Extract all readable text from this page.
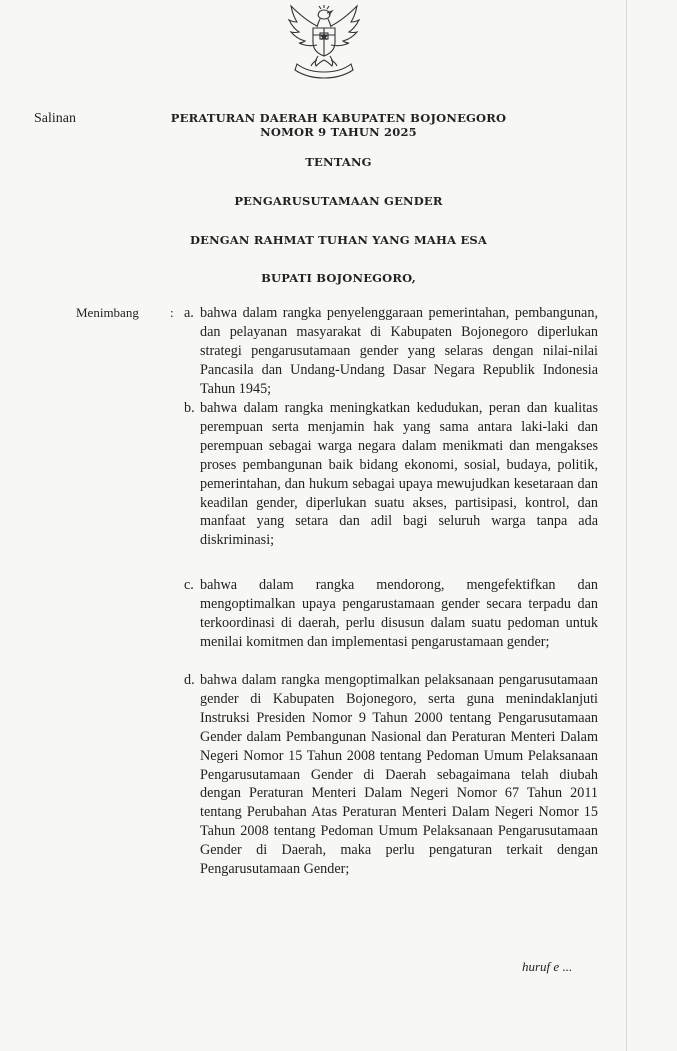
Salinan	PERATURAN DAERAH KABUPATEN BOJONEGORO
NOMOR 9 TAHUN 2025
TENTANG
PENGARUSUTAMAAN GENDER
DENGAN RAHMAT TUHAN YANG MAHA ESA
BUPATI BOJONEGORO,
Menimbang : a. bahwa dalam rangka penyelenggaraan pemerintahan, pembangunan, dan pelayanan masyarakat di Kabupaten Bojonegoro diperlukan strategi pengarusutamaan gender yang selaras dengan nilai-nilai Pancasila dan Undang-Undang Dasar Negara Republik Indonesia Tahun 1945;
b. bahwa dalam rangka meningkatkan kedudukan, peran dan kualitas perempuan serta menjamin hak yang sama antara laki-laki dan perempuan sebagai warga negara dalam menikmati dan mengakses proses pembangunan baik bidang ekonomi, sosial, budaya, politik, pemerintahan, dan hukum sebagai upaya mewujudkan kesetaraan dan keadilan gender, diperlukan suatu akses, partisipasi, kontrol, dan manfaat yang setara dan adil bagi seluruh warga tanpa ada diskriminasi;
c. bahwa dalam rangka mendorong, mengefektifkan dan mengoptimalkan upaya pengarustamaan gender secara terpadu dan terkoordinasi di daerah, perlu disusun dalam suatu pedoman untuk menilai komitmen dan implementasi pengarustamaan gender;
d. bahwa dalam rangka mengoptimalkan pelaksanaan pengarusutamaan gender di Kabupaten Bojonegoro, serta guna menindaklanjuti Instruksi Presiden Nomor 9 Tahun 2000 tentang Pengarusutamaan Gender dalam Pembangunan Nasional dan Peraturan Menteri Dalam Negeri Nomor 15 Tahun 2008 tentang Pedoman Umum Pelaksanaan Pengarusutamaan Gender di Daerah sebagaimana telah diubah dengan Peraturan Menteri Dalam Negeri Nomor 67 Tahun 2011 tentang Perubahan Atas Peraturan Menteri Dalam Negeri Nomor 15 Tahun 2008 tentang Pedoman Umum Pelaksanaan Pengarusutamaan Gender di Daerah, maka perlu pengaturan terkait dengan Pengarusutamaan Gender;
huruf e ...
